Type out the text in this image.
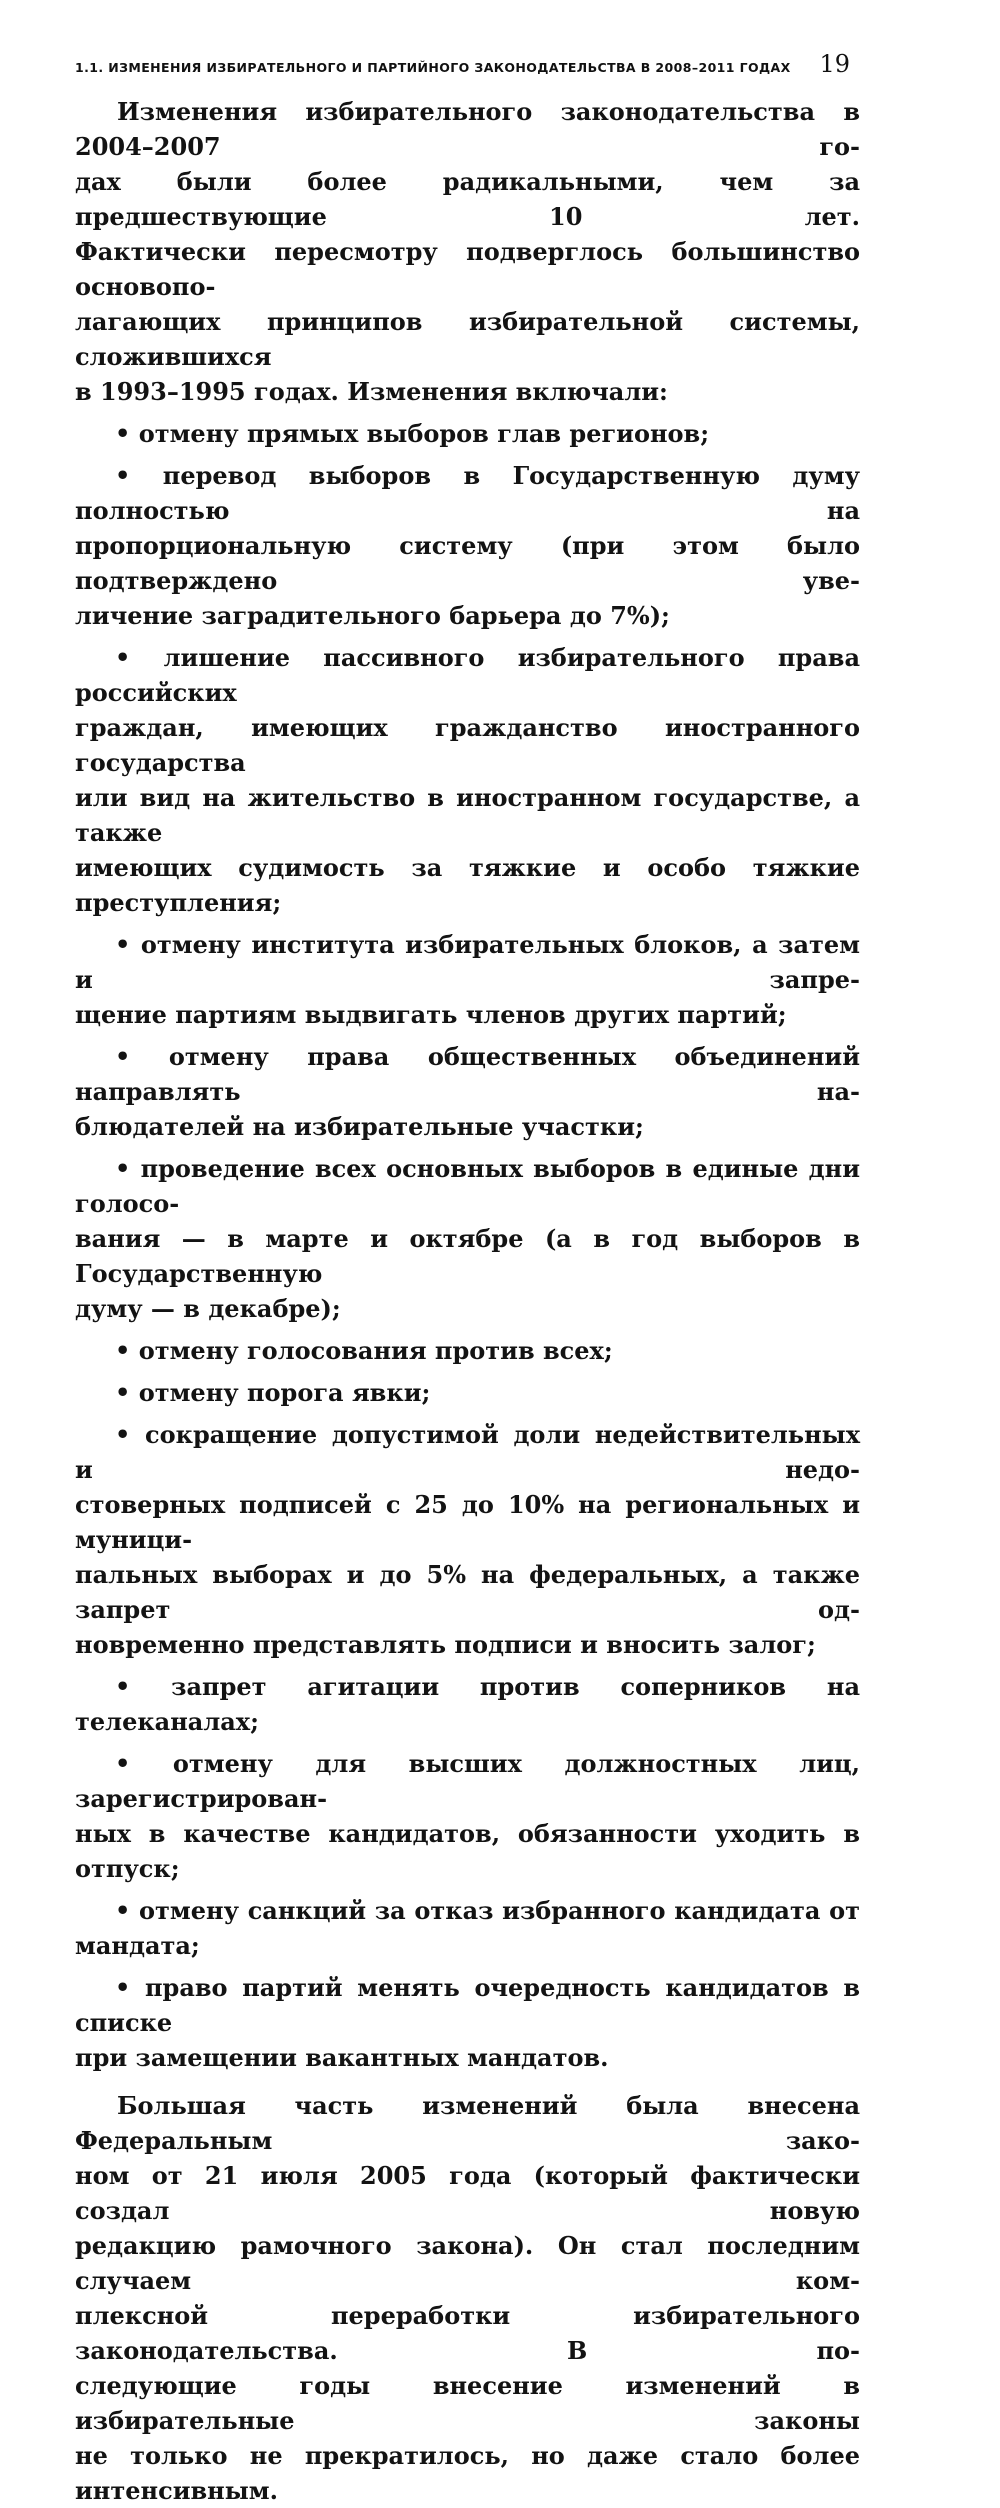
1.1. ИЗМЕНЕНИЯ ИЗБИРАТЕЛЬНОГО И ПАРТИЙНОГО ЗАКОНОДАТЕЛЬСТВА В 2008–2011 ГОДАХ 19

Изменения избирательного законодательства в 2004–2007 го-
дах были более радикальными, чем за предшествующие 10 лет.
Фактически пересмотру подверглось большинство основопо-
лагающих принципов избирательной системы, сложившихся
в 1993–1995 годах. Изменения включали:

• отмену прямых выборов глав регионов;

• перевод выборов в Государственную думу полностью на
пропорциональную систему (при этом было подтверждено уве-
личение заградительного барьера до 7%);

• лишение пассивного избирательного права российских
граждан, имеющих гражданство иностранного государства
или вид на жительство в иностранном государстве, а также
имеющих судимость за тяжкие и особо тяжкие преступления;

• отмену института избирательных блоков, а затем и запре-
щение партиям выдвигать членов других партий;

• отмену права общественных объединений направлять на-
блюдателей на избирательные участки;

• проведение всех основных выборов в единые дни голосо-
вания — в марте и октябре (а в год выборов в Государственную
думу — в декабре);

• отмену голосования против всех;

• отмену порога явки;

• сокращение допустимой доли недействительных и недо-
стоверных подписей с 25 до 10% на региональных и муници-
пальных выборах и до 5% на федеральных, а также запрет од-
новременно представлять подписи и вносить залог;

• запрет агитации против соперников на телеканалах;

• отмену для высших должностных лиц, зарегистрирован-
ных в качестве кандидатов, обязанности уходить в отпуск;

• отмену санкций за отказ избранного кандидата от мандата;

• право партий менять очередность кандидатов в списке
при замещении вакантных мандатов.

Большая часть изменений была внесена Федеральным зако-
ном от 21 июля 2005 года (который фактически создал новую
редакцию рамочного закона). Он стал последним случаем ком-
плексной переработки избирательного законодательства. В по-
следующие годы внесение изменений в избирательные законы
не только не прекратилось, но даже стало более интенсивным.
